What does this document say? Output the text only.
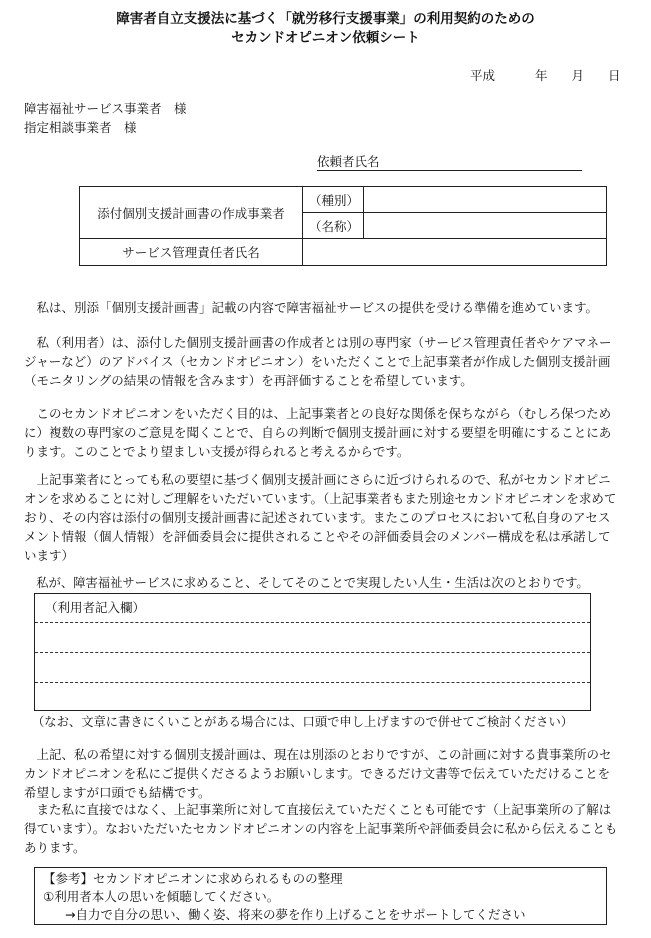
障害者自立支援法に基づく「就労移行支援事業」の利用契約のための
セカンドオピニオン依頼シート
平成	年 月 日
障害福祉サービス事業者　様
指定相談事業者　様
依頼者氏名
添付個別支援計画書の作成事業者	（種別）	
	（名称）	
サービス管理責任者氏名		

私は、別添「個別支援計画書」記載の内容で障害福祉サービスの提供を受ける準備を進めています。

私（利用者）は、添付した個別支援計画書の作成者とは別の専門家（サービス管理責任者やケアマネージャーなど）のアドバイス（セカンドオピニオン）をいただくことで上記事業者が作成した個別支援計画（モニタリングの結果の情報を含みます）を再評価することを希望しています。

このセカンドオピニオンをいただく目的は、上記事業者との良好な関係を保ちながら（むしろ保つために）複数の専門家のご意見を聞くことで、自らの判断で個別支援計画に対する要望を明確にすることにあります。このことでより望ましい支援が得られると考えるからです。

上記事業者にとっても私の要望に基づく個別支援計画にさらに近づけられるので、私がセカンドオピニオンを求めることに対しご理解をいただいています。（上記事業者もまた別途セカンドオピニオンを求めており、その内容は添付の個別支援計画書に記述されています。またこのプロセスにおいて私自身のアセスメント情報（個人情報）を評価委員会に提供されることやその評価委員会のメンバー構成を私は承諾しています）

私が、障害福祉サービスに求めること、そしてそのことで実現したい人生・生活は次のとおりです。

（利用者記入欄）
（なお、文章に書きにくいことがある場合には、口頭で申し上げますので併せてご検討ください）

上記、私の希望に対する個別支援計画は、現在は別添のとおりですが、この計画に対する貴事業所のセカンドオピニオンを私にご提供くださるようお願いします。できるだけ文書等で伝えていただけることを希望しますが口頭でも結構です。

また私に直接ではなく、上記事業所に対して直接伝えていただくことも可能です（上記事業所の了解は得ています）。なおいただいたセカンドオピニオンの内容を上記事業所や評価委員会に私から伝えることもあります。

【参考】セカンドオピニオンに求められるものの整理
①利用者本人の思いを傾聴してください。
→自力で自分の思い、働く姿、将来の夢を作り上げることをサポートしてください
